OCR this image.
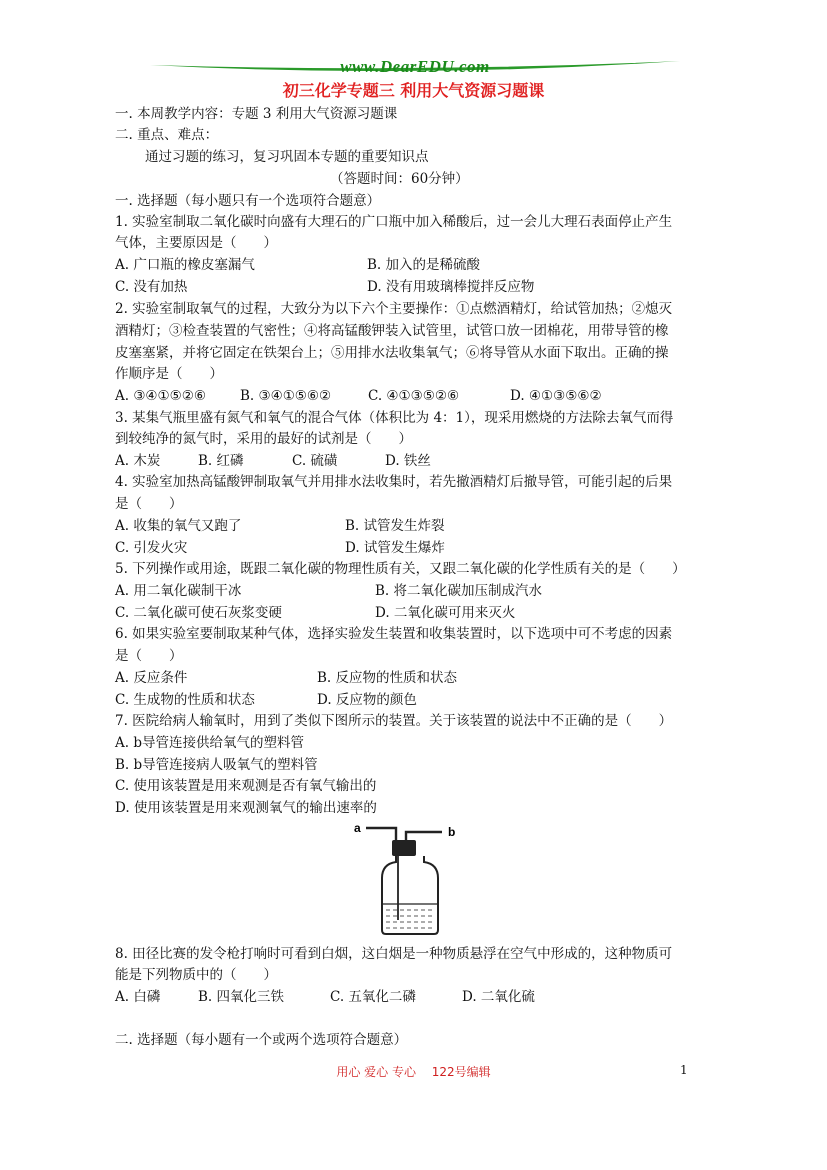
www.DearEDU.com
初三化学专题三 利用大气资源习题课
一. 本周教学内容：专题 3 利用大气资源习题课
二. 重点、难点：
通过习题的练习，复习巩固本专题的重要知识点
（答题时间：60分钟）
一. 选择题（每小题只有一个选项符合题意）
1. 实验室制取二氧化碳时向盛有大理石的广口瓶中加入稀酸后，过一会儿大理石表面停止产生
气体，主要原因是（　　）
A. 广口瓶的橡皮塞漏气	B. 加入的是稀硫酸
C. 没有加热	D. 没有用玻璃棒搅拌反应物
2. 实验室制取氧气的过程，大致分为以下六个主要操作：①点燃酒精灯，给试管加热；②熄灭
酒精灯；③检查装置的气密性；④将高锰酸钾装入试管里，试管口放一团棉花，用带导管的橡
皮塞塞紧，并将它固定在铁架台上；⑤用排水法收集氧气；⑥将导管从水面下取出。正确的操
作顺序是（　　）
A. ③④①⑤②⑥	B. ③④①⑤⑥②	C. ④①③⑤②⑥	D. ④①③⑤⑥②
3. 某集气瓶里盛有氮气和氧气的混合气体（体积比为 4：1），现采用燃烧的方法除去氧气而得
到较纯净的氮气时，采用的最好的试剂是（　　）
A. 木炭	B. 红磷	C. 硫磺	D. 铁丝
4. 实验室加热高锰酸钾制取氧气并用排水法收集时，若先撤酒精灯后撤导管，可能引起的后果
是（　　）
A. 收集的氧气又跑了	B. 试管发生炸裂
C. 引发火灾	D. 试管发生爆炸
5. 下列操作或用途，既跟二氧化碳的物理性质有关，又跟二氧化碳的化学性质有关的是（　　）
A. 用二氧化碳制干冰	B. 将二氧化碳加压制成汽水
C. 二氧化碳可使石灰浆变硬	D. 二氧化碳可用来灭火
6. 如果实验室要制取某种气体，选择实验发生装置和收集装置时，以下选项中可不考虑的因素
是（　　）
A. 反应条件	B. 反应物的性质和状态
C. 生成物的性质和状态	D. 反应物的颜色
7. 医院给病人输氧时，用到了类似下图所示的装置。关于该装置的说法中不正确的是（　　）
A. b导管连接供给氧气的塑料管
B. b导管连接病人吸氧气的塑料管
C. 使用该装置是用来观测是否有氧气输出的
D. 使用该装置是用来观测氧气的输出速率的
a	b
8. 田径比赛的发令枪打响时可看到白烟，这白烟是一种物质悬浮在空气中形成的，这种物质可
能是下列物质中的（　　）
A. 白磷	B. 四氧化三铁	C. 五氧化二磷	D. 二氧化硫
二. 选择题（每小题有一个或两个选项符合题意）
用心 爱心 专心 　122号编辑	1
